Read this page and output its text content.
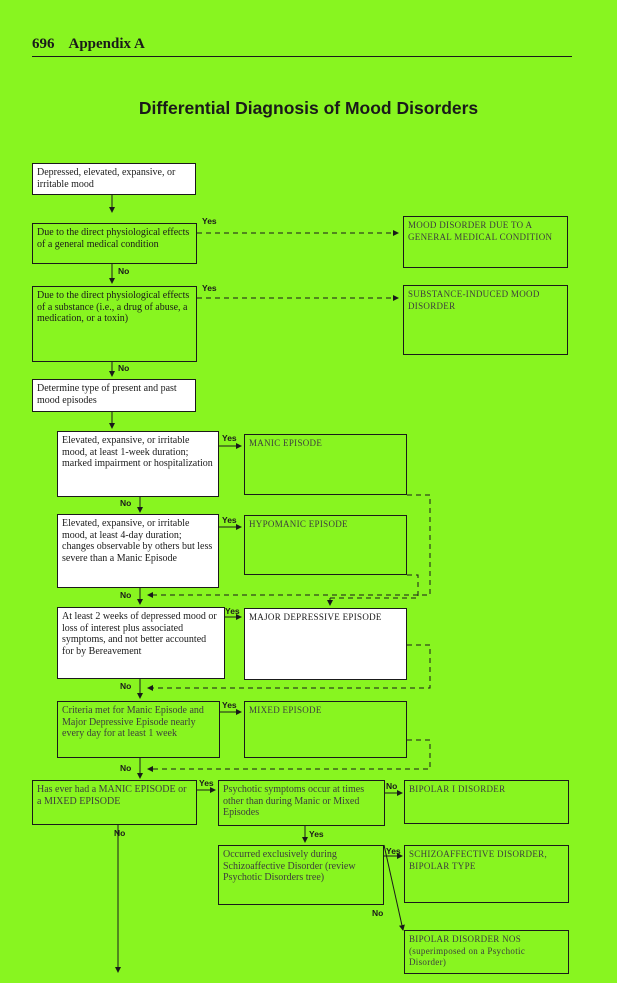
696 Appendix A
Differential Diagnosis of Mood Disorders
Depressed, elevated, expansive, or irritable mood
Due to the direct physiological effects of a general medical condition
MOOD DISORDER DUE TO A GENERAL MEDICAL CONDITION
Due to the direct physiological effects of a substance (i.e., a drug of abuse, a medication, or a toxin)
SUBSTANCE-INDUCED MOOD DISORDER
Determine type of present and past mood episodes
Elevated, expansive, or irritable mood, at least 1-week duration; marked impairment or hospitalization
MANIC EPISODE
Elevated, expansive, or irritable mood, at least 4-day duration; changes observable by others but less severe than a Manic Episode
HYPOMANIC EPISODE
At least 2 weeks of depressed mood or loss of interest plus associated symptoms, and not better accounted for by Bereavement
MAJOR DEPRESSIVE EPISODE
Criteria met for Manic Episode and Major Depressive Episode nearly every day for at least 1 week
MIXED EPISODE
Has ever had a MANIC EPISODE or a MIXED EPISODE
Psychotic symptoms occur at times other than during Manic or Mixed Episodes
BIPOLAR I DISORDER
Occurred exclusively during Schizoaffective Disorder (review Psychotic Disorders tree)
SCHIZOAFFECTIVE DISORDER, BIPOLAR TYPE
BIPOLAR DISORDER NOS (superimposed on a Psychotic Disorder)
Yes
No
Yes
No
Yes
No
Yes
No
Yes
No
Yes
No
Yes
No
No
Yes
Yes
No
